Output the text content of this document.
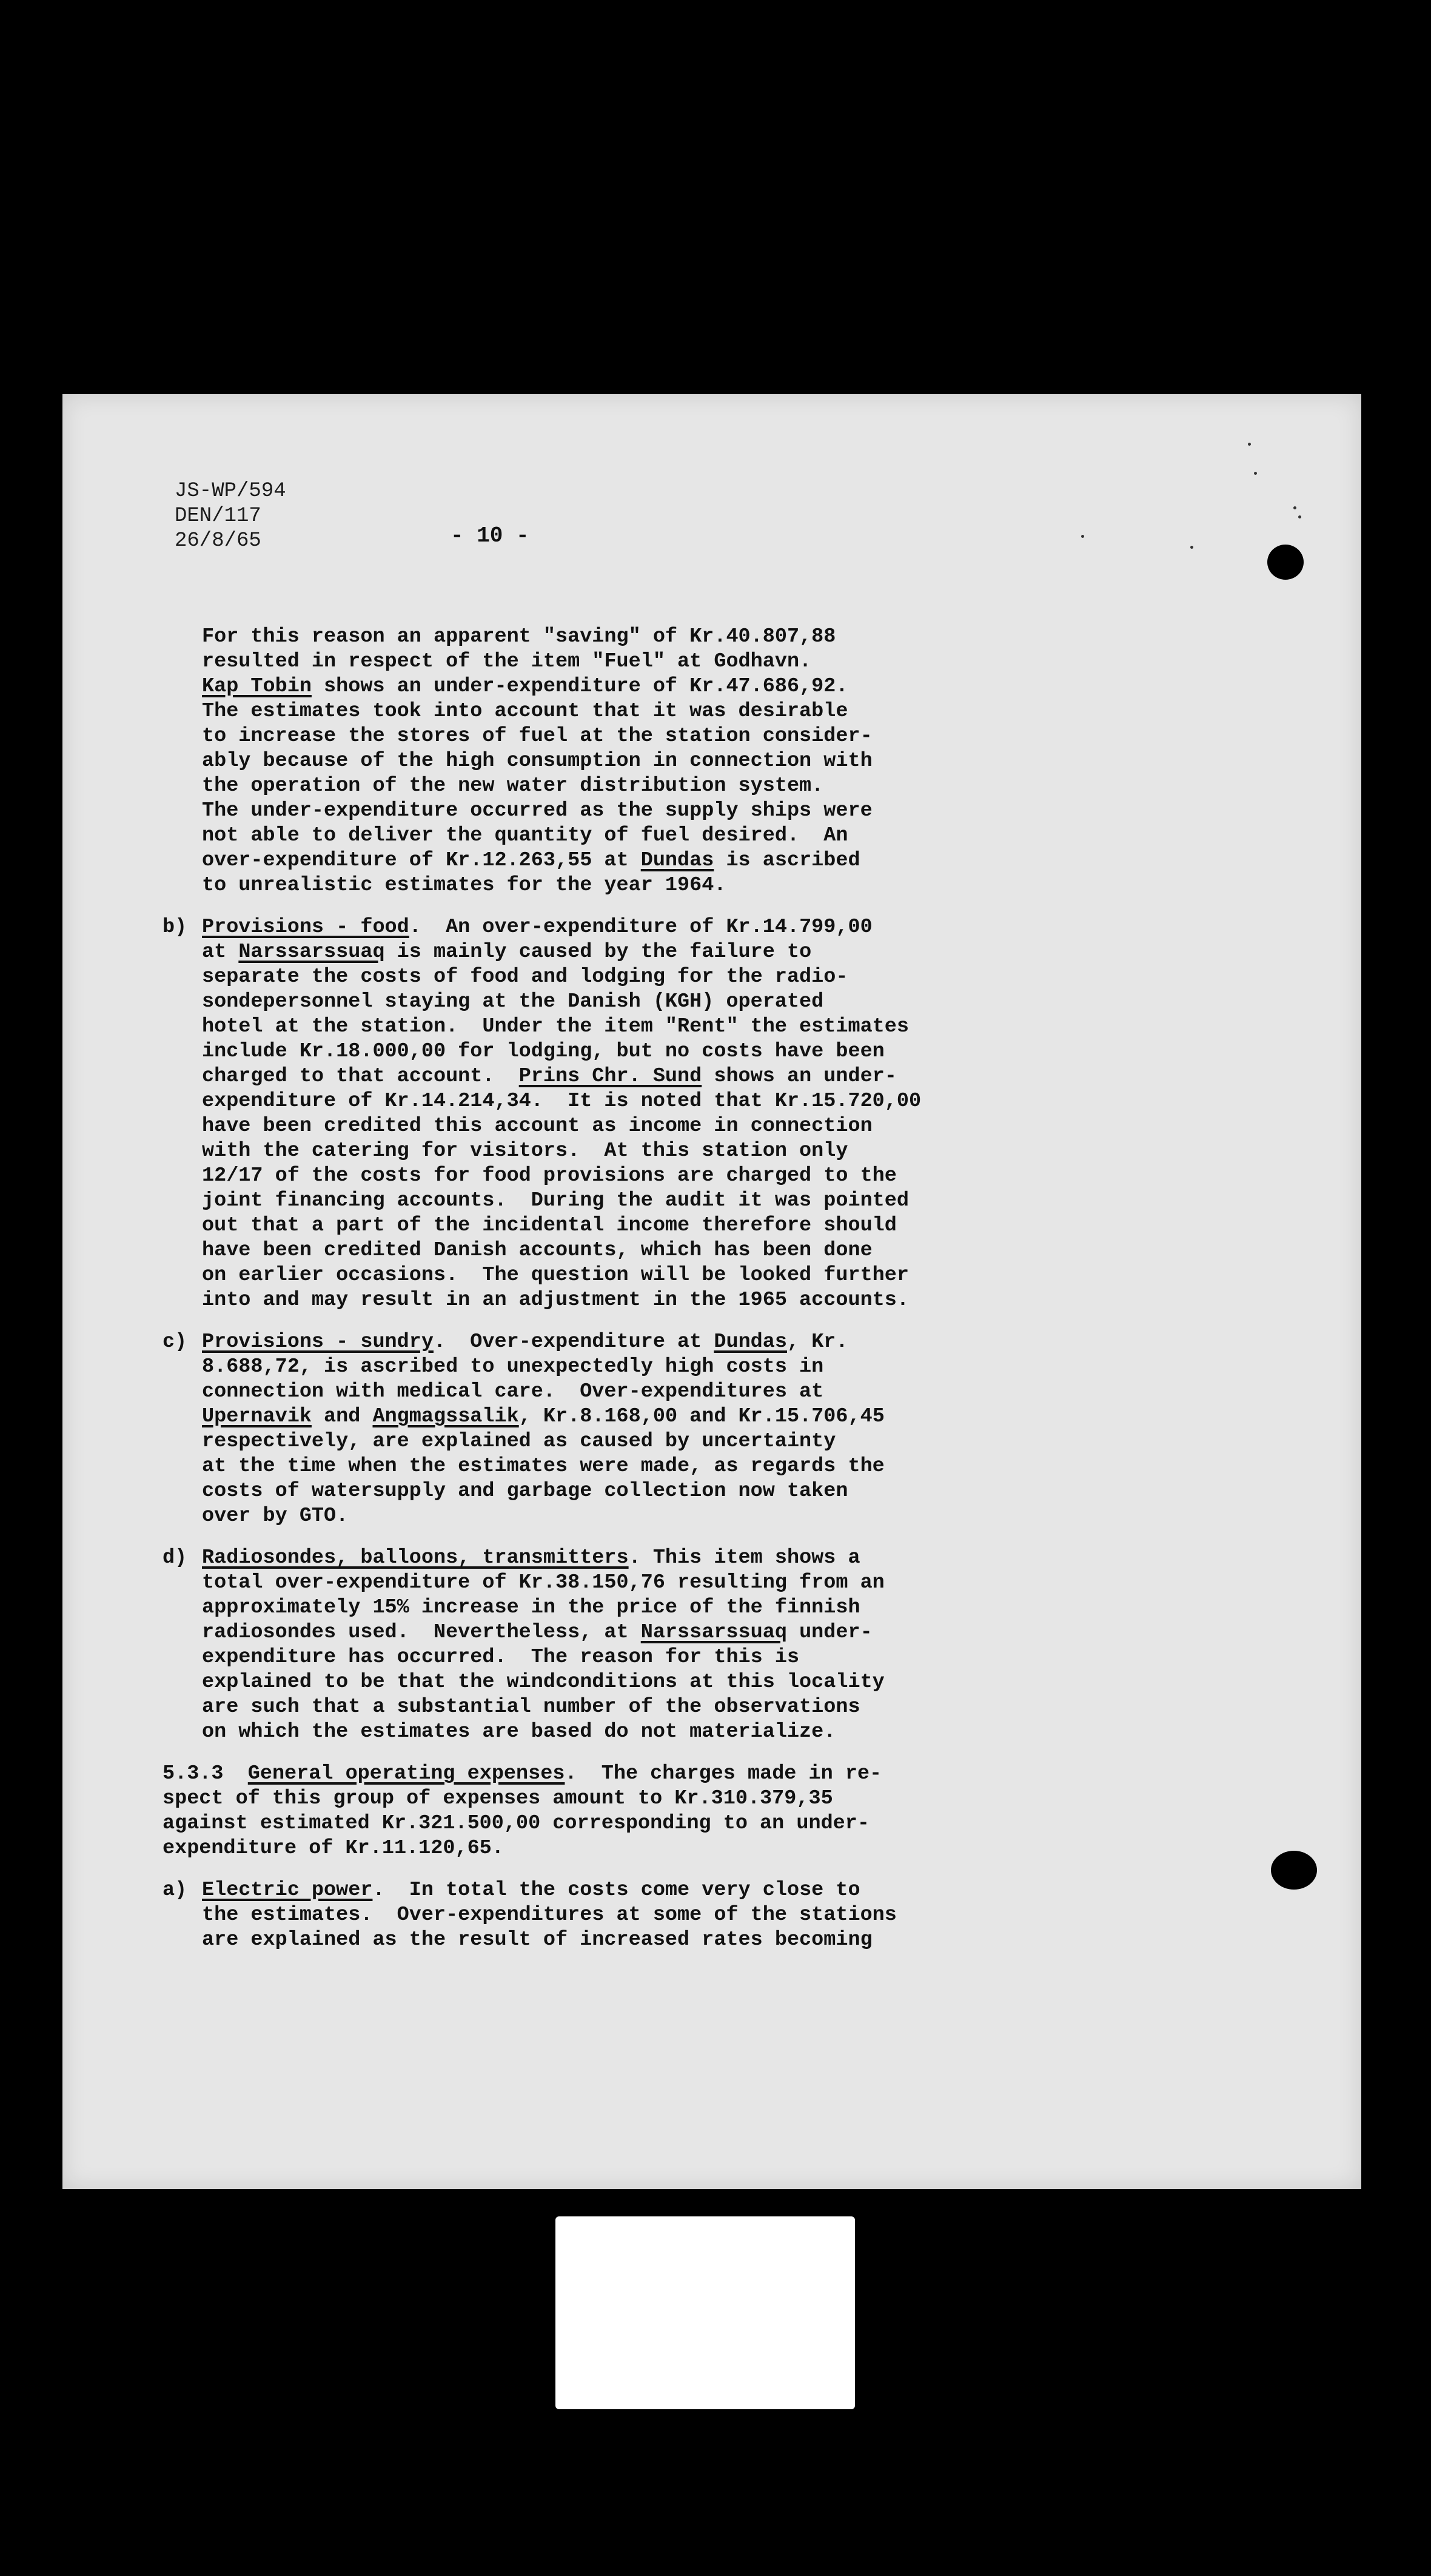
JS-WP/594
DEN/117
26/8/65	- 10 -

For this reason an apparent "saving" of Kr.40.807,88

resulted in respect of the item "Fuel" at Godhavn.

Kap Tobin shows an under-expenditure of Kr.47.686,92.

The estimates took into account that it was desirable

to increase the stores of fuel at the station consider-

ably because of the high consumption in connection with

the operation of the new water distribution system.

The under-expenditure occurred as the supply ships were

not able to deliver the quantity of fuel desired.  An

over-expenditure of Kr.12.263,55 at Dundas is ascribed

to unrealistic estimates for the year 1964.

b) Provisions - food.  An over-expenditure of Kr.14.799,00

at Narssarssuaq is mainly caused by the failure to

separate the costs of food and lodging for the radio-

sondepersonnel staying at the Danish (KGH) operated

hotel at the station.  Under the item "Rent" the estimates

include Kr.18.000,00 for lodging, but no costs have been

charged to that account.  Prins Chr. Sund shows an under-

expenditure of Kr.14.214,34.  It is noted that Kr.15.720,00

have been credited this account as income in connection

with the catering for visitors.  At this station only

12/17 of the costs for food provisions are charged to the

joint financing accounts.  During the audit it was pointed

out that a part of the incidental income therefore should

have been credited Danish accounts, which has been done

on earlier occasions.  The question will be looked further

into and may result in an adjustment in the 1965 accounts.

c) Provisions - sundry.  Over-expenditure at Dundas, Kr.

8.688,72, is ascribed to unexpectedly high costs in

connection with medical care.  Over-expenditures at

Upernavik and Angmagssalik, Kr.8.168,00 and Kr.15.706,45

respectively, are explained as caused by uncertainty

at the time when the estimates were made, as regards the

costs of watersupply and garbage collection now taken

over by GTO.

d) Radiosondes, balloons, transmitters. This item shows a

total over-expenditure of Kr.38.150,76 resulting from an

approximately 15% increase in the price of the finnish

radiosondes used.  Nevertheless, at Narssarssuaq under-

expenditure has occurred.  The reason for this is

explained to be that the windconditions at this locality

are such that a substantial number of the observations

on which the estimates are based do not materialize.

5.3.3 General operating expenses.  The charges made in re-

spect of this group of expenses amount to Kr.310.379,35

against estimated Kr.321.500,00 corresponding to an under-

expenditure of Kr.11.120,65.

a) Electric power.  In total the costs come very close to

the estimates.  Over-expenditures at some of the stations

are explained as the result of increased rates becoming
